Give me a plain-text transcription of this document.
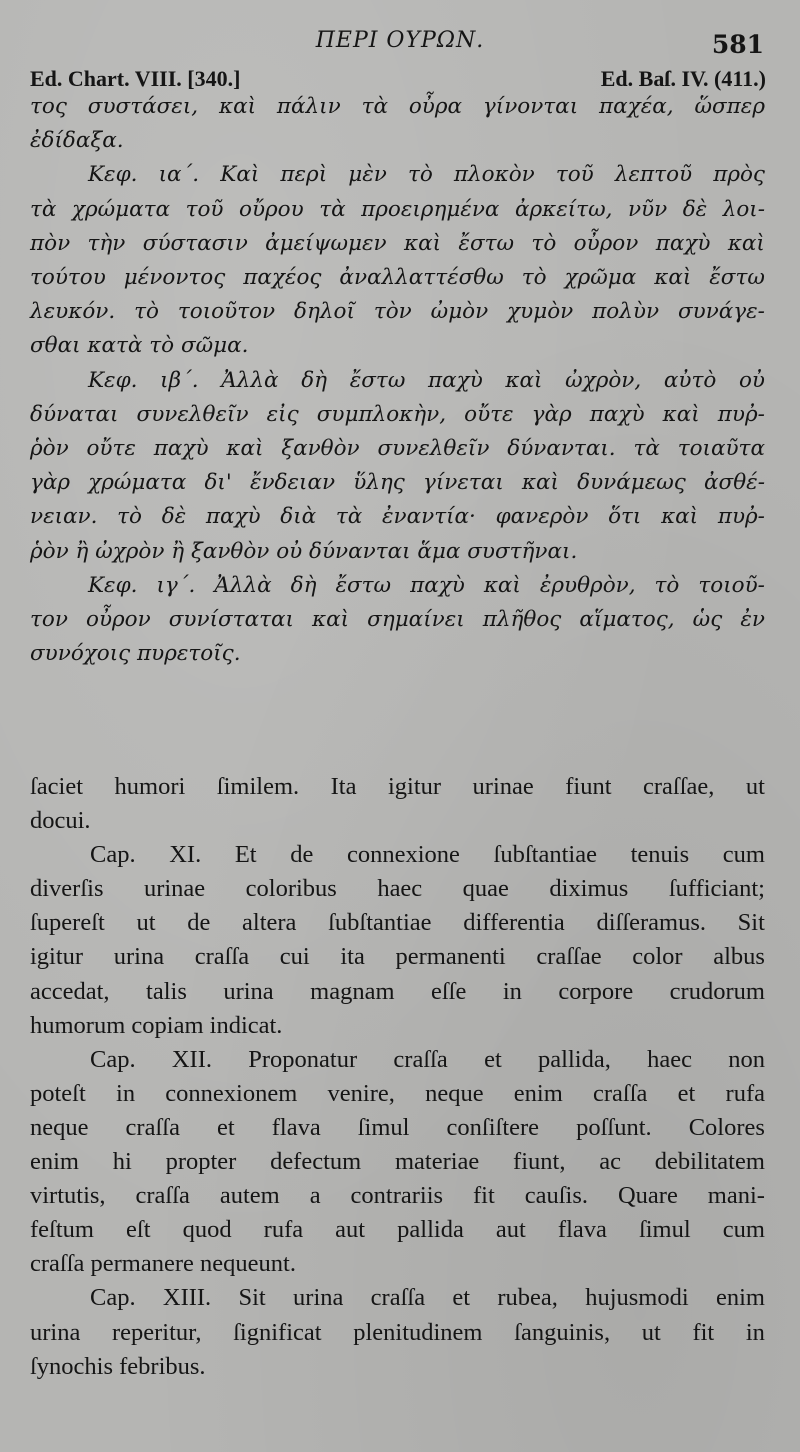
ΠΕΡΙ ΟΥΡΩΝ.	581
Ed. Chart. VIII. [340.]	Ed. Baſ. IV. (411.)
τος συστάσει, καὶ πάλιν τὰ οὖρα γίνονται παχέα, ὥσπερ
ἐδίδαξα.
Κεφ. ια΄. Καὶ περὶ μὲν τὸ πλοκὸν τοῦ λεπτοῦ πρὸς
τὰ χρώματα τοῦ οὔρου τὰ προειρημένα ἀρκείτω, νῦν δὲ λοι-
πὸν τὴν σύστασιν ἀμείψωμεν καὶ ἔστω τὸ οὖρον παχὺ καὶ
τούτου μένοντος παχέος ἀναλλαττέσθω τὸ χρῶμα καὶ ἔστω
λευκόν. τὸ τοιοῦτον δηλοῖ τὸν ὠμὸν χυμὸν πολὺν συνάγε-
σθαι κατὰ τὸ σῶμα.
Κεφ. ιβ΄. Ἀλλὰ δὴ ἔστω παχὺ καὶ ὠχρὸν, αὐτὸ οὐ
δύναται συνελθεῖν εἰς συμπλοκὴν, οὔτε γὰρ παχὺ καὶ πυῤ-
ῥὸν οὔτε παχὺ καὶ ξανθὸν συνελθεῖν δύνανται. τὰ τοιαῦτα
γὰρ χρώματα δι' ἔνδειαν ὕλης γίνεται καὶ δυνάμεως ἀσθέ-
νειαν. τὸ δὲ παχὺ διὰ τὰ ἐναντία· φανερὸν ὅτι καὶ πυῤ-
ῥὸν ἢ ὠχρὸν ἢ ξανθὸν οὐ δύνανται ἅμα συστῆναι.
Κεφ. ιγ΄. Ἀλλὰ δὴ ἔστω παχὺ καὶ ἐρυθρὸν, τὸ τοιοῦ-
τον οὖρον συνίσταται καὶ σημαίνει πλῆθος αἵματος, ὡς ἐν
συνόχοις πυρετοῖς.
ſaciet humori ſimilem. Ita igitur urinae fiunt craſſae, ut
docui.
Cap. XI. Et de connexione ſubſtantiae tenuis cum
diverſis urinae coloribus haec quae diximus ſufficiant;
ſupereſt ut de altera ſubſtantiae differentia diſſeramus. Sit
igitur urina craſſa cui ita permanenti craſſae color albus
accedat, talis urina magnam eſſe in corpore crudorum
humorum copiam indicat.
Cap. XII. Proponatur craſſa et pallida, haec non
poteſt in connexionem venire, neque enim craſſa et rufa
neque craſſa et flava ſimul conſiſtere poſſunt. Colores
enim hi propter defectum materiae fiunt, ac debilitatem
virtutis, craſſa autem a contrariis fit cauſis. Quare mani-
feſtum eſt quod rufa aut pallida aut flava ſimul cum
craſſa permanere nequeunt.
Cap. XIII. Sit urina craſſa et rubea, hujusmodi enim
urina reperitur, ſignificat plenitudinem ſanguinis, ut fit in
ſynochis febribus.
